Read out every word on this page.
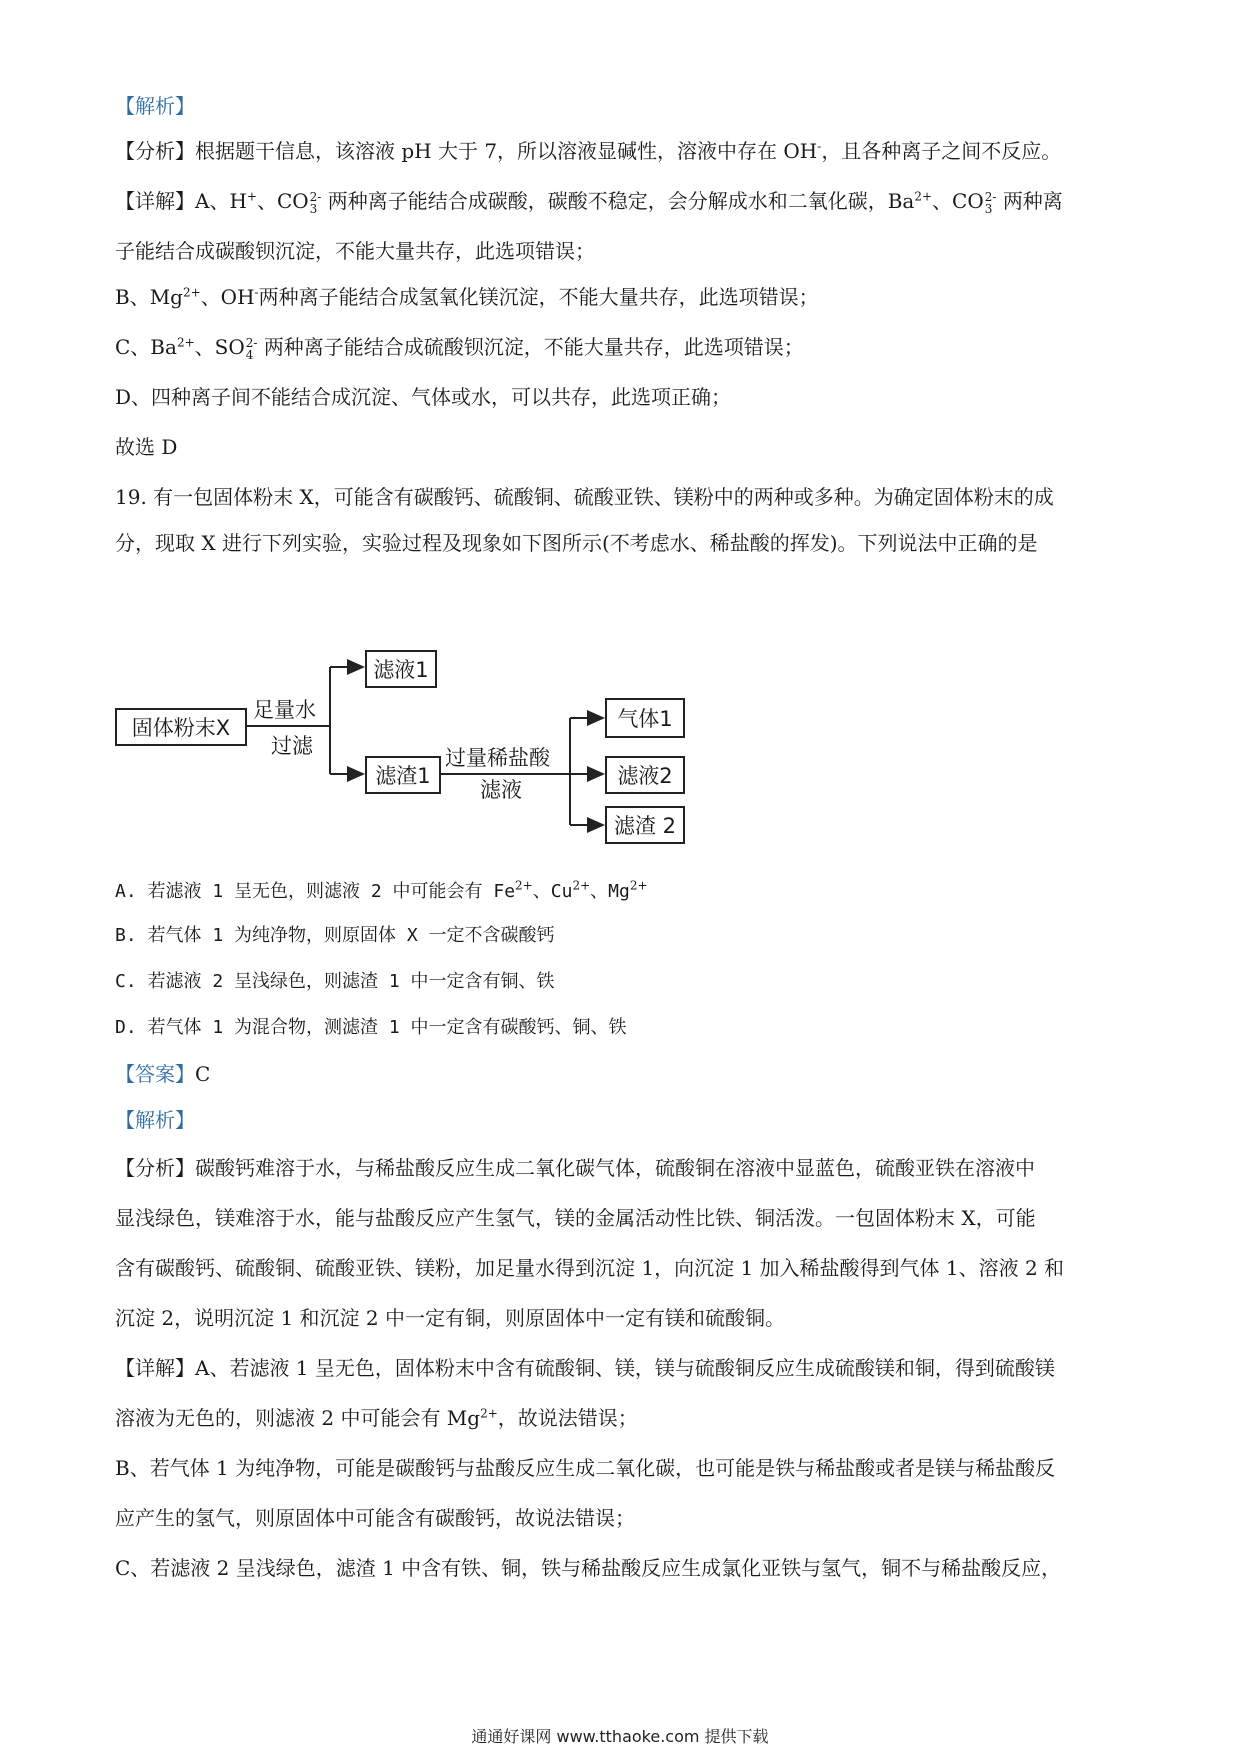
【解析】
【分析】根据题干信息，该溶液 pH 大于 7，所以溶液显碱性，溶液中存在 OH-，且各种离子之间不反应。
【详解】A、H+、CO 2-
3 两种离子能结合成碳酸，碳酸不稳定，会分解成水和二氧化碳，$Ba^{2+}$、CO 2-
3 两种离
子能结合成碳酸钡沉淀，不能大量共存，此选项错误；
B、$Mg^{2+}$、OH-两种离子能结合成氢氧化镁沉淀，不能大量共存，此选项错误；
C、$Ba^{2+}$、SO 2-
4 两种离子能结合成硫酸钡沉淀，不能大量共存，此选项错误；
D、四种离子间不能结合成沉淀、气体或水，可以共存，此选项正确；
故选 D
19. 有一包固体粉末 X，可能含有碳酸钙、硫酸铜、硫酸亚铁、镁粉中的两种或多种。为确定固体粉末的成
分，现取 X 进行下列实验，实验过程及现象如下图所示(不考虑水、稀盐酸的挥发)。下列说法中正确的是
固体粉末X
足量水
过滤
滤液1
滤渣1
过量稀盐酸
滤液
气体1
滤液2
滤渣 2
A. 若滤液 1 呈无色，则滤液 2 中可能会有 $Fe^{2+}$、$Cu^{2+}$、$Mg^{2+}$
B. 若气体 1 为纯净物，则原固体 X 一定不含碳酸钙
C. 若滤液 2 呈浅绿色，则滤渣 1 中一定含有铜、铁
D. 若气体 1 为混合物，测滤渣 1 中一定含有碳酸钙、铜、铁
【答案】C
【解析】
【分析】碳酸钙难溶于水，与稀盐酸反应生成二氧化碳气体，硫酸铜在溶液中显蓝色，硫酸亚铁在溶液中
显浅绿色，镁难溶于水，能与盐酸反应产生氢气，镁的金属活动性比铁、铜活泼。一包固体粉末 X，可能
含有碳酸钙、硫酸铜、硫酸亚铁、镁粉，加足量水得到沉淀 1，向沉淀 1 加入稀盐酸得到气体 1、溶液 2 和
沉淀 2，说明沉淀 1 和沉淀 2 中一定有铜，则原固体中一定有镁和硫酸铜。
【详解】A、若滤液 1 呈无色，固体粉末中含有硫酸铜、镁，镁与硫酸铜反应生成硫酸镁和铜，得到硫酸镁
溶液为无色的，则滤液 2 中可能会有 $Mg^{2+}$，故说法错误；
B、若气体 1 为纯净物，可能是碳酸钙与盐酸反应生成二氧化碳，也可能是铁与稀盐酸或者是镁与稀盐酸反
应产生的氢气，则原固体中可能含有碳酸钙，故说法错误；
C、若滤液 2 呈浅绿色，滤渣 1 中含有铁、铜，铁与稀盐酸反应生成氯化亚铁与氢气，铜不与稀盐酸反应，
通通好课网 www.tthaoke.com 提供下载
